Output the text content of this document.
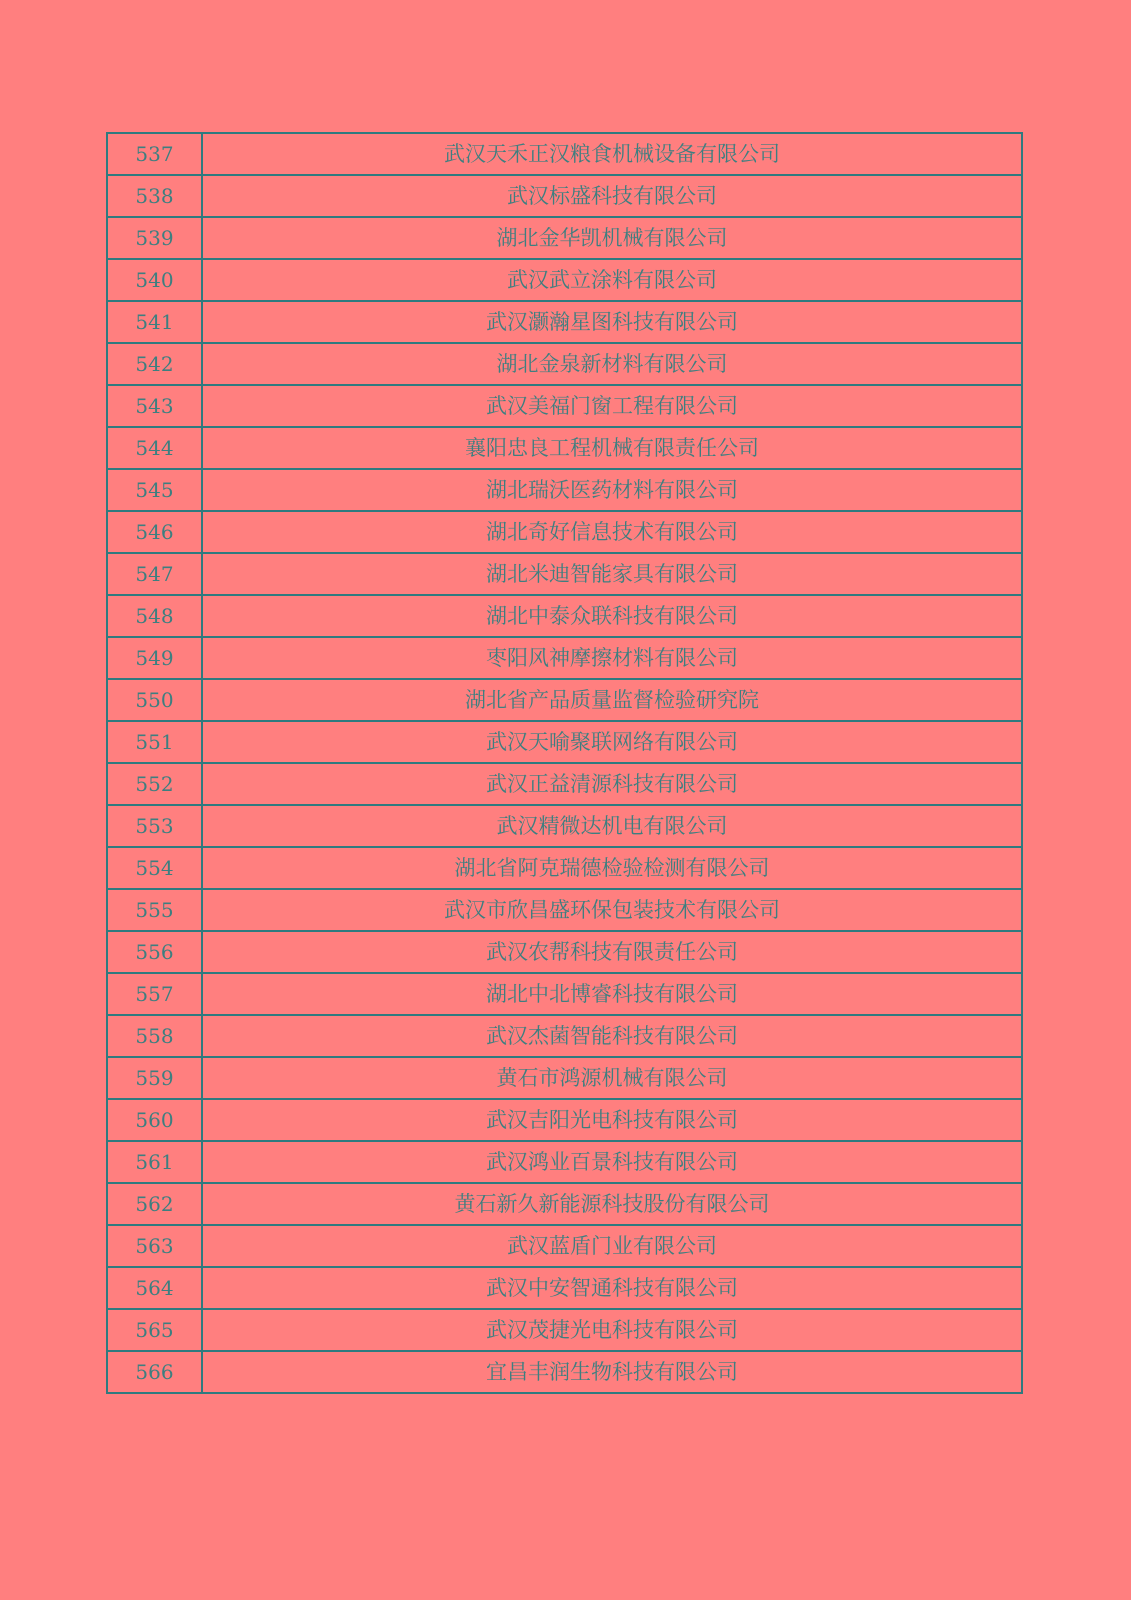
537	武汉天禾正汉粮食机械设备有限公司
538	武汉标盛科技有限公司
539	湖北金华凯机械有限公司
540	武汉武立涂料有限公司
541	武汉灏瀚星图科技有限公司
542	湖北金泉新材料有限公司
543	武汉美福门窗工程有限公司
544	襄阳忠良工程机械有限责任公司
545	湖北瑞沃医药材料有限公司
546	湖北奇好信息技术有限公司
547	湖北米迪智能家具有限公司
548	湖北中泰众联科技有限公司
549	枣阳风神摩擦材料有限公司
550	湖北省产品质量监督检验研究院
551	武汉天喻聚联网络有限公司
552	武汉正益清源科技有限公司
553	武汉精微达机电有限公司
554	湖北省阿克瑞德检验检测有限公司
555	武汉市欣昌盛环保包装技术有限公司
556	武汉农帮科技有限责任公司
557	湖北中北博睿科技有限公司
558	武汉杰菌智能科技有限公司
559	黄石市鸿源机械有限公司
560	武汉吉阳光电科技有限公司
561	武汉鸿业百景科技有限公司
562	黄石新久新能源科技股份有限公司
563	武汉蓝盾门业有限公司
564	武汉中安智通科技有限公司
565	武汉茂捷光电科技有限公司
566	宜昌丰润生物科技有限公司
